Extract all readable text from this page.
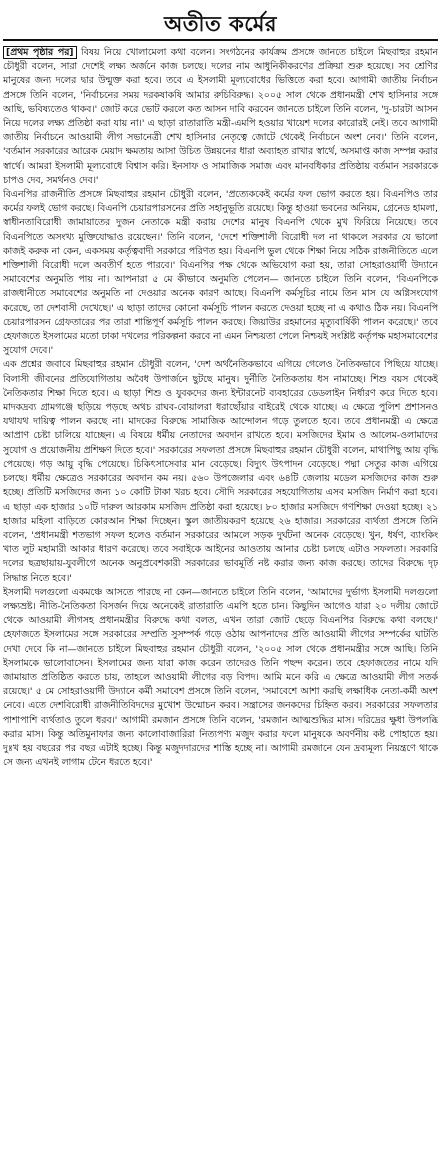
অতীত কর্মের

[প্রথম পৃষ্ঠার পর] বিষয় নিয়ে খোলামেলা কথা বলেন। সংগঠনের কার্যক্রম প্রসঙ্গে জানতে চাইলে মিছবাহুর রহমান চৌধুরী বলেন, সারা দেশেই লক্ষ্য অর্জনে কাজ চলছে। দলের নাম আধুনিকীকরণের প্রক্রিয়া শুরু হয়েছে। সব শ্রেণির মানুষের জন্য দলের দ্বার উন্মুক্ত করা হবে। তবে এ ইসলামী মূল্যবোধের ভিত্তিতে করা হবে। আগামী জাতীয় নির্বাচন প্রসঙ্গে তিনি বলেন, 'নির্বাচনের সময় দরকষাকষি আমার রুচিবিরুদ্ধ। ২০০৫ সাল থেকে প্রধানমন্ত্রী শেখ হাসিনার সঙ্গে আছি, ভবিষ্যতেও থাকব।' জোট করে ভোট করলে কত আসন দাবি করবেন জানতে চাইলে তিনি বলেন, 'দু-চারটা আসন নিয়ে দলের লক্ষ্য প্রতিষ্ঠা করা যায় না।' এ ছাড়া রাতারাতি মন্ত্রী-এমপি হওয়ার খায়েশ দলের কারোরই নেই। তবে আগামী জাতীয় নির্বাচনে আওয়ামী লীগ সভানেত্রী শেখ হাসিনার নেতৃত্বে জোটে থেকেই নির্বাচনে অংশ নেব।' তিনি বলেন, 'বর্তমান সরকারের আরেক মেয়াদ ক্ষমতায় আসা উচিত উন্নয়নের ধারা অব্যাহত রাখার স্বার্থে, অসমাপ্ত কাজ সম্পন্ন করার স্বার্থে। আমরা ইসলামী মূল্যবোধে বিশ্বাস করি। ইনসাফ ও সামাজিক সমাজ এবং মানবধিকার প্রতিষ্ঠায় বর্তমান সরকারকে চাপও দেব, সমর্থনও দেব।'

বিএনপির রাজনীতি প্রসঙ্গে মিছবাহুর রহমান চৌধুরী বলেন, 'প্রত্যেককেই কর্মের ফল ভোগ করতে হয়। বিএনপিও তার কর্মের ফলই ভোগ করছে। বিএনপি চেয়ারপারসনের প্রতি সহানুভূতি রয়েছে। কিন্তু হাওয়া ভবনের অনিয়ম, গ্রেনেড হামলা, স্বাধীনতাবিরোধী জামায়াতের দুজন নেতাকে মন্ত্রী করায় দেশের মানুষ বিএনপি থেকে মুখ ফিরিয়ে নিয়েছে। তবে বিএনপিতে অসংখ্য মুক্তিযোদ্ধাও রয়েছেন।' তিনি বলেন, 'দেশে শক্তিশালী বিরোধী দল না থাকলে সরকার যে ভালো কাজই করুক না কেন, একসময় কর্তৃত্ববাদী সরকারে পরিণত হয়। বিএনপি ভুল থেকে শিক্ষা নিয়ে সঠিক রাজনীতিতে এলে শক্তিশালী বিরোধী দলে অবতীর্ণ হতে পারবে।' বিএনপির পক্ষ থেকে অভিযোগ করা হয়, তারা সোহরাওয়ার্দী উদ্যানে সমাবেশের অনুমতি পায় না। আপনারা ৫ মে কীভাবে অনুমতি পেলেন— জানতে চাইলে তিনি বলেন, 'বিএনপিকে রাজধানীতে সমাবেশের অনুমতি না দেওয়ার অনেক কারণ আছে। বিএনপি কর্মসূচির নামে তিন মাস যে অগ্নিসংযোগ করেছে, তা দেশবাসী দেখেছে।' এ ছাড়া তাদের কোনো কর্মসূচি পালন করতে দেওয়া হচ্ছে না এ কথাও ঠিক নয়। বিএনপি চেয়ারপারসন গ্রেফতারের পর তারা শান্তিপূর্ণ কর্মসূচি পালন করছে। জিয়াউর রহমানের মৃত্যুবার্ষিকী পালন করেছে।' তবে হেফাজতে ইসলামের মতো ঢাকা দখলের পরিকল্পনা করবে না এমন নিশ্চয়তা পেলে নিশ্চয়ই সংশ্লিষ্ট কর্তৃপক্ষ মহাসমাবেশের সুযোগ দেবে।'

এক প্রশ্নের জবাবে মিছবাহুর রহমান চৌধুরী বলেন, 'দেশ অর্থনৈতিকভাবে এগিয়ে গেলেও নৈতিকভাবে পিছিয়ে যাচ্ছে। বিলাসী জীবনের প্রতিযোগিতায় অবৈধ উপার্জনে ছুটছে মানুষ। দুর্নীতি নৈতিকতায় ধস নামাচ্ছে। শিশু বয়স থেকেই নৈতিকতার শিক্ষা দিতে হবে। এ ছাড়া শিশু ও যুবকদের জন্য ইন্টারনেট ব্যবহারের ডেডলাইন নির্ধারণ করে দিতে হবে। মাদকদ্রব্য গ্রামগঞ্জে ছড়িয়ে পড়ছে অথচ রাঘব-বোয়ালরা ধরাছোঁয়ার বাইরেই থেকে যাচ্ছে। এ ক্ষেত্রে পুলিশ প্রশাসনও যথাযথ দায়িত্ব পালন করছে না। মাদকের বিরুদ্ধে সামাজিক আন্দোলন গড়ে তুলতে হবে। তবে প্রধানমন্ত্রী এ ক্ষেত্রে আপ্রাণ চেষ্টা চালিয়ে যাচ্ছেন। এ বিষয়ে ধর্মীয় নেতাদের অবদান রাখতে হবে। মসজিদের ইমাম ও আলেম-ওলামাদের সুযোগ ও প্রয়োজনীয় প্রশিক্ষণ দিতে হবে।' সরকারের সফলতা প্রসঙ্গে মিছবাহুর রহমান চৌধুরী বলেন, মাথাপিছু আয় বৃদ্ধি পেয়েছে। গড় আয়ু বৃদ্ধি পেয়েছে। চিকিৎসাসেবার মান বেড়েছে। বিদ্যুৎ উৎপাদন বেড়েছে। পদ্মা সেতুর কাজ এগিয়ে চলছে। ধর্মীয় ক্ষেত্রেও সরকারের অবদান কম নয়। ৫৬০ উপজেলার এবং ৬৪টি জেলায় মডেল মসজিদের কাজ শুরু হচ্ছে। প্রতিটি মসজিদের জন্য ১০ কোটি টাকা খরচ হবে। সৌদি সরকারের সহযোগিতায় এসব মসজিদ নির্মাণ করা হবে। এ ছাড়া এক হাজার ১০টি দারুল আরকাম মসজিদ প্রতিষ্ঠা করা হয়েছে। ৮০ হাজার মসজিদে গণশিক্ষা দেওয়া হচ্ছে। ২১ হাজার মহিলা বাড়িতে কোরআন শিক্ষা দিচ্ছেন। স্কুল জাতীয়করণ হয়েছে ২৬ হাজার। সরকারের ব্যর্থতা প্রসঙ্গে তিনি বলেন, 'প্রধানমন্ত্রী শতভাগ সফল হলেও বর্তমান সরকারের আমলে সড়ক দুর্ঘটনা অনেক বেড়েছে। খুন, ধর্ষণ, ব্যাংকিং খাত লুট মহামারী আকার ধারণ করেছে। তবে সবাইকে আইনের আওতায় আনার চেষ্টা চলছে এটাও সফলতা। সরকারি দলের ছত্রছায়ায়-যুবলীগে অনেক অনুপ্রবেশকারী সরকারের ভাবমূর্তি নষ্ট করার জন্য কাজ করছে। তাদের বিরুদ্ধে দৃঢ় সিদ্ধান্ত নিতে হবে।'

ইসলামী দলগুলো একমঞ্চে আসতে পারছে না কেন—জানতে চাইলে তিনি বলেন, 'আমাদের দুর্ভাগ্য ইসলামী দলগুলো লক্ষ্যভ্রষ্ট। নীতি-নৈতিকতা বিসর্জন দিয়ে অনেকেই রাতারাতি এমপি হতে চান। কিছুদিন আগেও যারা ২০ দলীয় জোটে থেকে আওয়ামী লীগসহ প্রধানমন্ত্রীর বিরুদ্ধে কথা বলত, এখন তারা জোট ছেড়ে বিএনপির বিরুদ্ধে কথা বলছে।' হেফাজতে ইসলামের সঙ্গে সরকারের সম্প্রতি সুসম্পর্ক গড়ে ওঠায় আপনাদের প্রতি আওয়ামী লীগের সম্পর্কের ঘাটতি দেখা দেবে কি না—জানতে চাইলে মিছবাহুর রহমান চৌধুরী বলেন, '২০০৫ সাল থেকে প্রধানমন্ত্রীর সঙ্গে আছি। তিনি ইসলামকে ভালোবাসেন। ইসলামের জন্য যারা কাজ করেন তাদেরও তিনি পছন্দ করেন। তবে হেফাজতের নামে যদি জামায়াত প্রতিষ্ঠিত করতে চায়, তাহলে আওয়ামী লীগের বড় বিপদ। আমি মনে করি এ ক্ষেত্রে আওয়ামী লীগ সতর্ক রয়েছে।' ৫ মে সোহরাওয়ার্দী উদ্যানে কর্মী সমাবেশ প্রসঙ্গে তিনি বলেন, 'সমাবেশে আশা করছি লক্ষাধিক নেতা-কর্মী অংশ নেবে। এতে দেশবিরোধী রাজনীতিবিদদের মুখোশ উন্মোচন করব। সন্ত্রাসের জনকদের চিহ্নিত করব। সরকারের সফলতার পাশাপাশি ব্যর্থতাও তুলে ধরব।' আগামী রমজান প্রসঙ্গে তিনি বলেন, 'রমজান আত্মশুদ্ধির মাস। দরিদ্রের ক্ষুধা উপলব্ধি করার মাস। কিন্তু অতিমুনাফার জন্য কালোবাজারিরা নিত্যপণ্য মজুদ করার ফলে মানুষকে অবর্ণনীয় কষ্ট পোহাতে হয়। দুঃখ হয় বছরের পর বছর এটাই হচ্ছে। কিন্তু মজুদদারদের শাস্তি হচ্ছে না। আগামী রমজানে যেন দ্রব্যমূল্য নিয়ন্ত্রণে থাকে সে জন্য এখনই লাগাম টেনে ধরতে হবে।'
